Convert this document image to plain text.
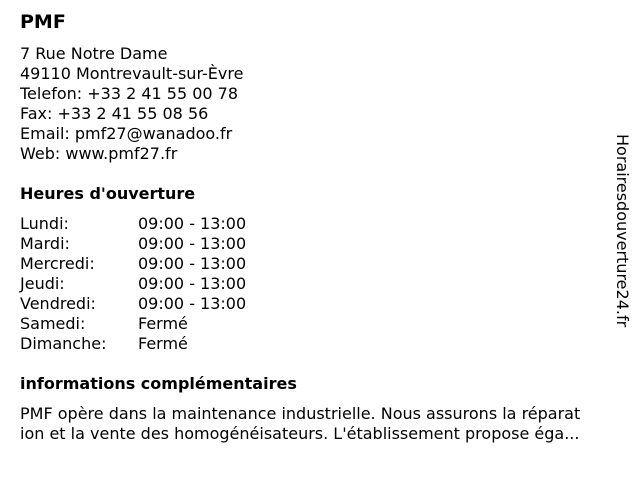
PMF
7 Rue Notre Dame
49110 Montrevault-sur-Èvre
Telefon: +33 2 41 55 00 78
Fax: +33 2 41 55 08 56
Email: pmf27@wanadoo.fr
Web: www.pmf27.fr
Heures d'ouverture
Lundi:	09:00 - 13:00
Mardi:	09:00 - 13:00
Mercredi:	09:00 - 13:00
Jeudi:	09:00 - 13:00
Vendredi:	09:00 - 13:00
Samedi:	Fermé
Dimanche:	Fermé
informations complémentaires
PMF opère dans la maintenance industrielle. Nous assurons la réparat
ion et la vente des homogénéisateurs. L'établissement propose éga...
Horairesdouverture24.fr
